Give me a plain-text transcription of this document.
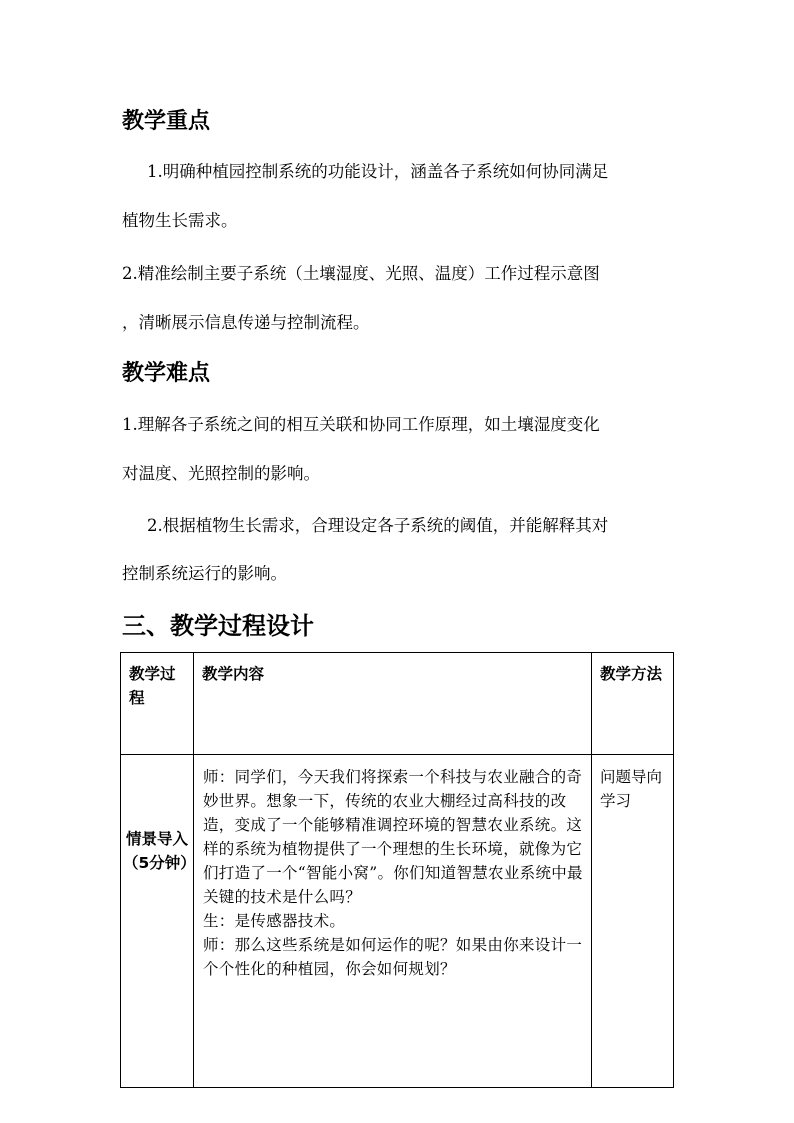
教学重点

1.明确种植园控制系统的功能设计，涵盖各子系统如何协同满足

植物生长需求。

2.精准绘制主要子系统（土壤湿度、光照、温度）工作过程示意图

，清晰展示信息传递与控制流程。

教学难点

1.理解各子系统之间的相互关联和协同工作原理，如土壤湿度变化

对温度、光照控制的影响。

2.根据植物生长需求，合理设定各子系统的阈值，并能解释其对

控制系统运行的影响。

三、教学过程设计
教学过程	教学内容	教学方法
情景导入（5分钟）	师：同学们，今天我们将探索一个科技与农业融合的奇妙世界。想象一下，传统的农业大棚经过高科技的改造，变成了一个能够精准调控环境的智慧农业系统。这样的系统为植物提供了一个理想的生长环境，就像为它们打造了一个“智能小窝”。你们知道智慧农业系统中最关键的技术是什么吗？

生：是传感器技术。

师：那么这些系统是如何运作的呢？如果由你来设计一个个性化的种植园，你会如何规划？	问题导向学习
